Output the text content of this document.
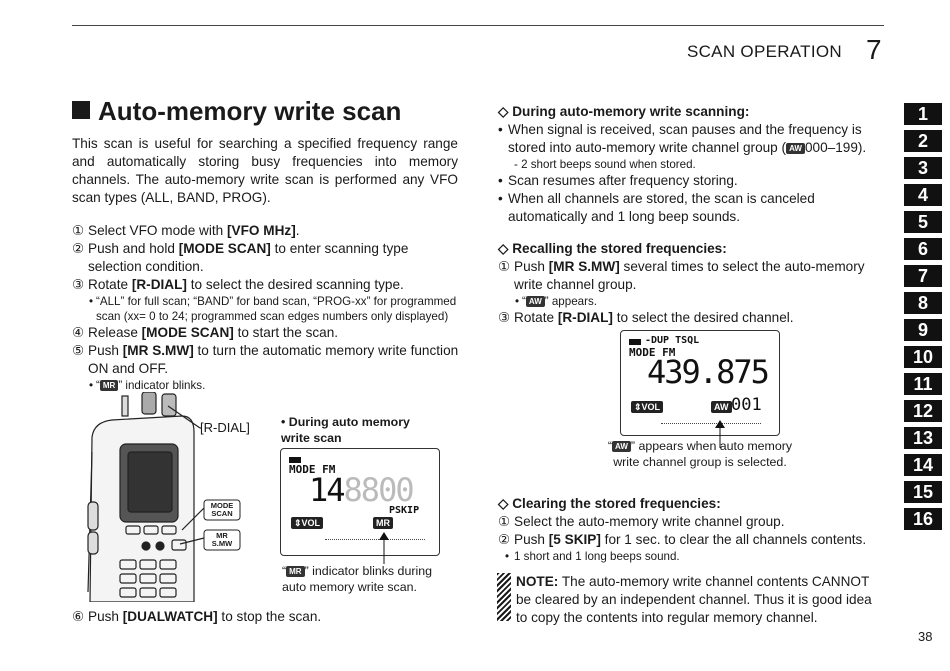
SCAN OPERATION 7
Auto-memory write scan
This scan is useful for searching a specified frequency range and automatically storing busy frequencies into memory channels. The auto-memory write scan is performed any VFO scan types (ALL, BAND, PROG).
① Select VFO mode with [VFO MHz].
② Push and hold [MODE SCAN] to enter scanning type selection condition.
③ Rotate [R-DIAL] to select the desired scanning type.
• “ALL” for full scan; “BAND” for band scan, “PROG-xx” for programmed scan (xx= 0 to 24; programmed scan edges numbers only displayed)
④ Release [MODE SCAN] to start the scan.
⑤ Push [MR S.MW] to turn the automatic memory write function ON and OFF.
• “ MR ” indicator blinks.
[R-DIAL]
MODE SCAN
MR S.MW
• During auto memory write scan
MODE FM
148800
PSKIP
⇕VOL	MR
“ MR ” indicator blinks during auto memory write scan.
⑥ Push [DUALWATCH] to stop the scan.
◇ During auto-memory write scanning:
• When signal is received, scan pauses and the frequency is stored into auto-memory write channel group ( AW 000–199).
- 2 short beeps sound when stored.
• Scan resumes after frequency storing.
• When all channels are stored, the scan is canceled automatically and 1 long beep sounds.
◇ Recalling the stored frequencies:
① Push [MR S.MW] several times to select the auto-memory write channel group.
• “ AW ” appears.
③ Rotate [R-DIAL] to select the desired channel.
-DUP TSQL
MODE FM
439.875
⇕VOL	AW 001
“ AW ” appears when auto memory write channel group is selected.
◇ Clearing the stored frequencies:
① Select the auto-memory write channel group.
② Push [5 SKIP] for 1 sec. to clear the all channels contents.
• 1 short and 1 long beeps sound.
NOTE: The auto-memory write channel contents CANNOT be cleared by an independent channel. Thus it is good idea to copy the contents into regular memory channel.
1
2
3
4
5
6
7
8
9
10
11
12
13
14
15
16
38
